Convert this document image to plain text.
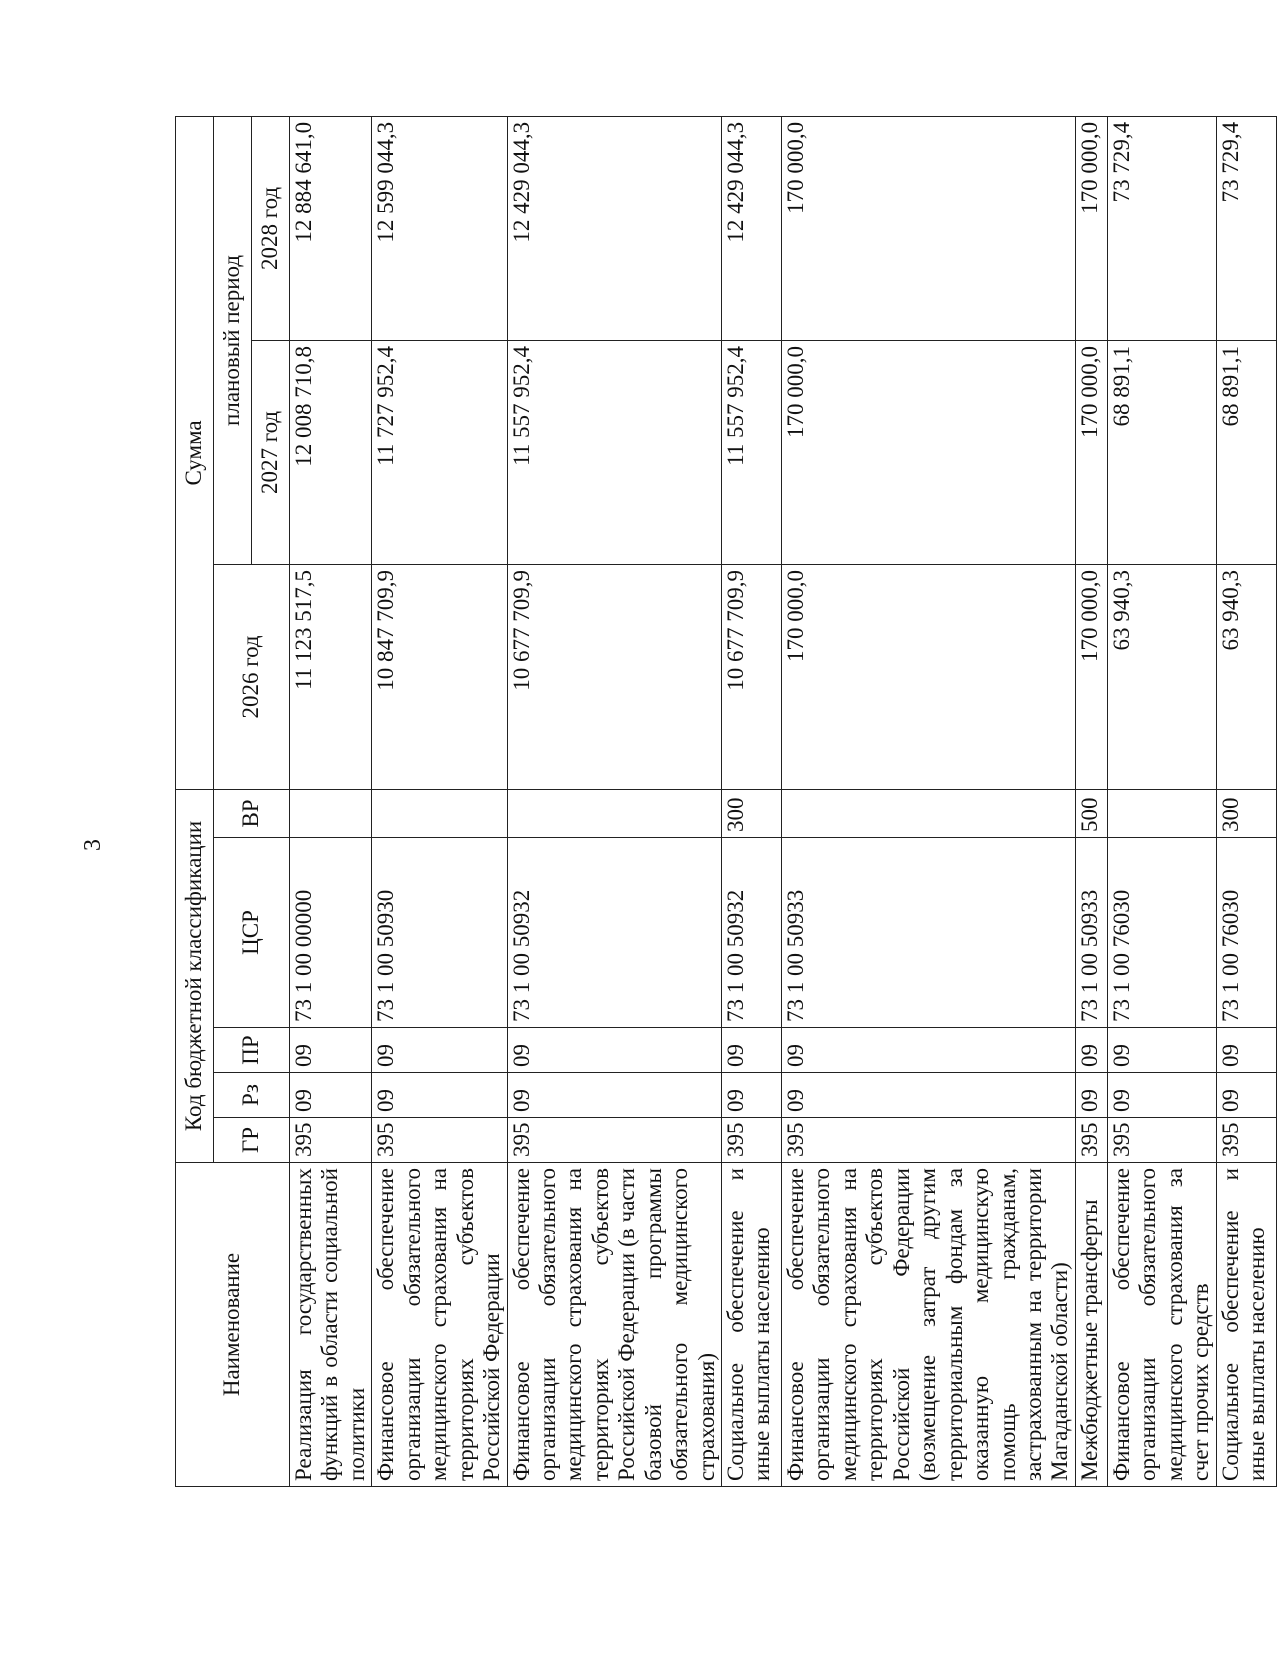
3
Наименование	Код бюджетной классификации					Сумма		
	ГР	Рз	ПР	ЦСР	ВР	2026 год	плановый период	
							2027 год	2028 год
Реализация государственных функций в области социальной политики	395	09	09	73 1 00 00000		11 123 517,5	12 008 710,8	12 884 641,0
Финансовое обеспечение организации обязательного медицинского страхования на территориях субъектов Российской Федерации	395	09	09	73 1 00 50930		10 847 709,9	11 727 952,4	12 599 044,3
Финансовое обеспечение организации обязательного медицинского страхования на территориях субъектов Российской Федерации (в части базовой программы обязательного медицинского страхования)	395	09	09	73 1 00 50932		10 677 709,9	11 557 952,4	12 429 044,3
Социальное обеспечение и иные выплаты населению	395	09	09	73 1 00 50932	300	10 677 709,9	11 557 952,4	12 429 044,3
Финансовое обеспечение организации обязательного медицинского страхования на территориях субъектов Российской Федерации (возмещение затрат другим территориальным фондам за оказанную медицинскую помощь гражданам, застрахованным на территории Магаданской области)	395	09	09	73 1 00 50933		170 000,0	170 000,0	170 000,0
Межбюджетные трансферты	395	09	09	73 1 00 50933	500	170 000,0	170 000,0	170 000,0
Финансовое обеспечение организации обязательного медицинского страхования за счет прочих средств	395	09	09	73 1 00 76030		63 940,3	68 891,1	73 729,4
Социальное обеспечение и иные выплаты населению	395	09	09	73 1 00 76030	300	63 940,3	68 891,1	73 729,4
